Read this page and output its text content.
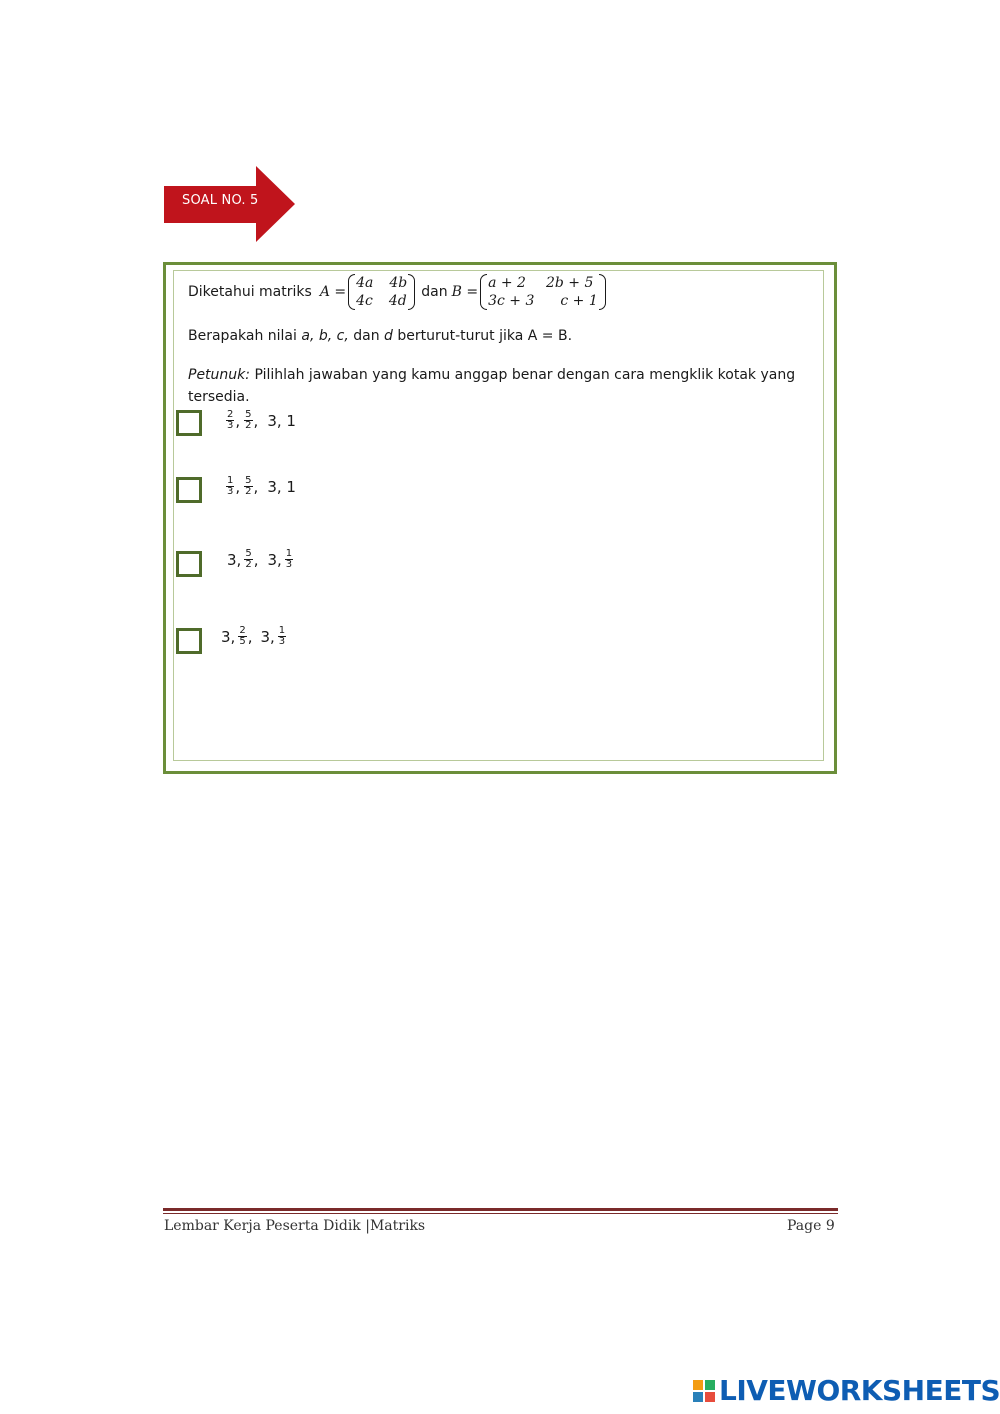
SOAL NO. 5
Diketahui matriks A =
4a 4b
4c 4d
dan B =
a + 2 2b + 5
3c + 3 c + 1
Berapakah nilai a, b, c, dan d berturut-turut jika A = B.
Petunuk: Pilihlah jawaban yang kamu anggap benar dengan cara mengklik kotak yang
tersedia.
$\frac{2}{3}$ , $\frac{5}{2}$ , 3, 1
$\frac{1}{3}$ , $\frac{5}{2}$ , 3, 1
3, $\frac{5}{2}$ , 3, $\frac{1}{3}$
3, $\frac{2}{5}$ , 3, $\frac{1}{3}$
Lembar Kerja Peserta Didik |Matriks	Page 9
LIVEWORKSHEETS
